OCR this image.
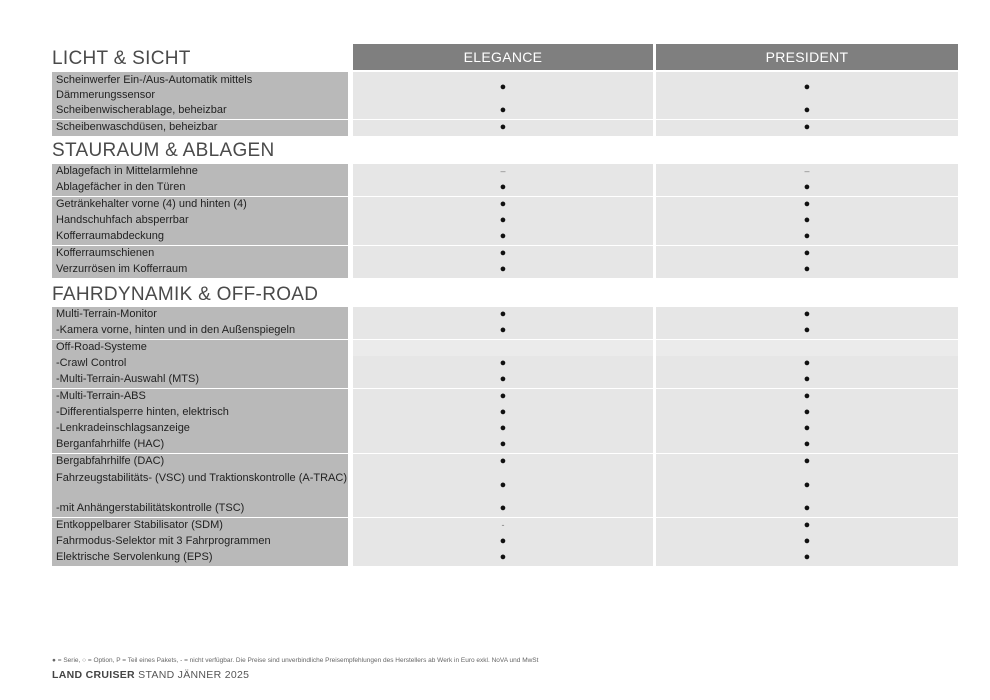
ELEGANCE	PRESIDENT
LICHT & SICHT
Scheinwerfer Ein-/Aus-Automatik mittels Dämmerungssensor
●	●
Scheibenwischerablage, beheizbar	●	●
Scheibenwaschdüsen, beheizbar	●	●
STAURAUM & ABLAGEN
Ablagefach in Mittelarmlehne	–	–
Ablagefächer in den Türen	●	●
Getränkehalter vorne (4) und hinten (4)	●	●
Handschuhfach absperrbar	●	●
Kofferraumabdeckung	●	●
Kofferraumschienen	●	●
Verzurrösen im Kofferraum	●	●
FAHRDYNAMIK & OFF-ROAD
Multi-Terrain-Monitor	●	●
-Kamera vorne, hinten und in den Außenspiegeln	●	●
Off-Road-Systeme
-Crawl Control	●	●
-Multi-Terrain-Auswahl (MTS)	●	●
-Multi-Terrain-ABS	●	●
-Differentialsperre hinten, elektrisch	●	●
-Lenkradeinschlagsanzeige	●	●
Berganfahrhilfe (HAC)	●	●
Bergabfahrhilfe (DAC)	●	●
Fahrzeugstabilitäts- (VSC) und Traktionskontrolle (A-TRAC)
●	●
-mit Anhängerstabilitätskontrolle (TSC)	●	●
Entkoppelbarer Stabilisator (SDM)	-	●
Fahrmodus-Selektor mit 3 Fahrprogrammen	●	●
Elektrische Servolenkung (EPS)	●	●
● = Serie, ○ = Option, P = Teil eines Pakets, - = nicht verfügbar. Die Preise sind unverbindliche Preisempfehlungen des Herstellers ab Werk in Euro exkl. NoVA und MwSt
LAND CRUISER STAND JÄNNER 2025
